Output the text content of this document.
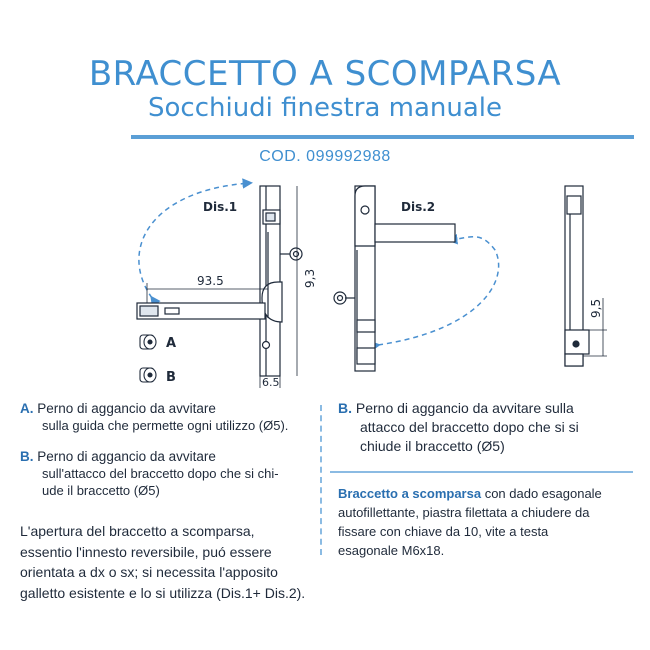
BRACCETTO A SCOMPARSA
Socchiudi finestra manuale
COD. 099992988
Dis.1
93.5	9,3
6.5
A
B
Dis.2
9,5
A. Perno di aggancio da avvitare
sulla guida che permette ogni utilizzo (Ø5).
B. Perno di aggancio da avvitare
sull'attacco del braccetto dopo che si chi-
ude il braccetto (Ø5)
L'apertura del braccetto a scomparsa,
essentio l'innesto reversibile, puó essere
orientata a dx o sx; si necessita l'apposito
galletto esistente e lo si utilizza (Dis.1+ Dis.2).
B. Perno di aggancio da avvitare sulla
attacco del braccetto dopo che si si
chiude il braccetto (Ø5)
Braccetto a scomparsa con dado esagonale
autofillettante, piastra filettata a chiudere da
fissare con chiave da 10, vite a testa
esagonale M6x18.
